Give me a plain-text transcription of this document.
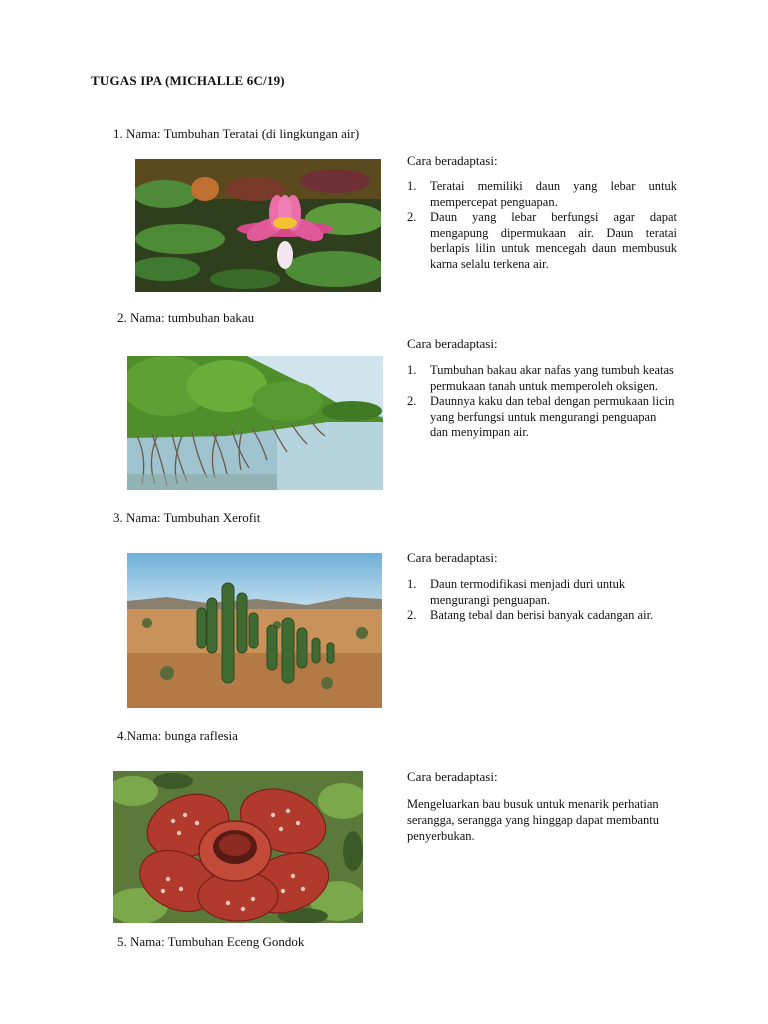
TUGAS IPA (MICHALLE 6C/19)
1. Nama: Tumbuhan Teratai (di lingkungan air)
Cara beradaptasi:
1. Teratai memiliki daun yang lebar untuk mempercepat penguapan.
2. Daun yang lebar berfungsi agar dapat mengapung dipermukaan air. Daun teratai berlapis lilin untuk mencegah daun membusuk karna selalu terkena air.
2. Nama: tumbuhan bakau
Cara beradaptasi:
1. Tumbuhan bakau akar nafas yang tumbuh keatas permukaan tanah untuk memperoleh oksigen.
2. Daunnya kaku dan tebal dengan permukaan licin yang berfungsi untuk mengurangi penguapan dan menyimpan air.
3. Nama: Tumbuhan Xerofit
Cara beradaptasi:
1. Daun termodifikasi menjadi duri untuk mengurangi penguapan.
2. Batang tebal dan berisi banyak cadangan air.
4.Nama: bunga raflesia
Cara beradaptasi:
Mengeluarkan bau busuk untuk menarik perhatian serangga, serangga yang hinggap dapat membantu penyerbukan.
5. Nama: Tumbuhan Eceng Gondok
